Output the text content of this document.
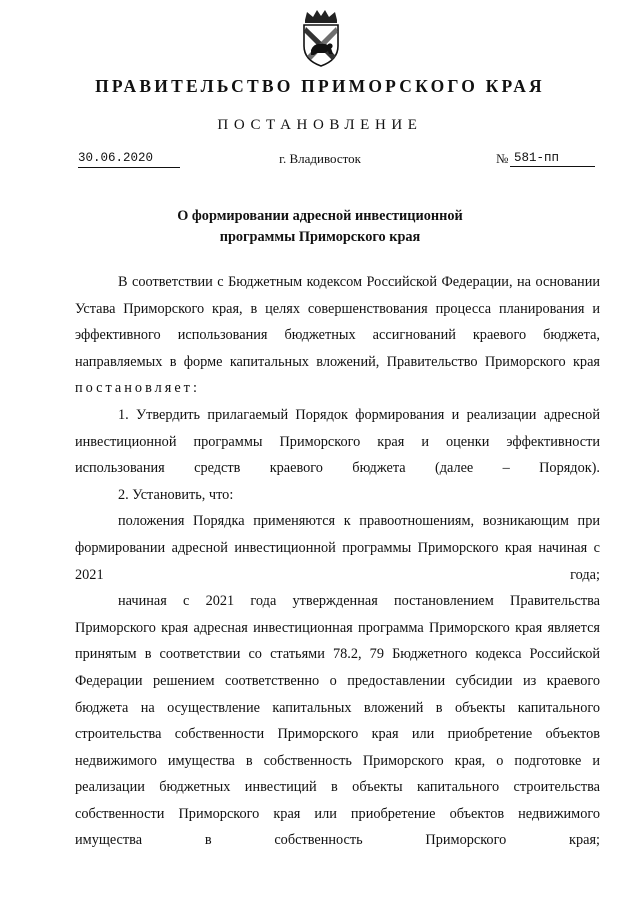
ПРАВИТЕЛЬСТВО ПРИМОРСКОГО КРАЯ
ПОСТАНОВЛЕНИЕ
30.06.2020	г. Владивосток	№ 581-пп
О формировании адресной инвестиционной
программы Приморского края

В соответствии с Бюджетным кодексом Российской Федерации, на основании Устава Приморского края, в целях совершенствования процесса планирования и эффективного использования бюджетных ассигнований краевого бюджета, направляемых в форме капитальных вложений, Правительство Приморского края постановляет:

1. Утвердить прилагаемый Порядок формирования и реализации адресной инвестиционной программы Приморского края и оценки эффективности использования средств краевого бюджета (далее – Порядок).

2. Установить, что:

положения Порядка применяются к правоотношениям, возникающим при формировании адресной инвестиционной программы Приморского края начиная с 2021 года;

начиная с 2021 года утвержденная постановлением Правительства Приморского края адресная инвестиционная программа Приморского края является принятым в соответствии со статьями 78.2, 79 Бюджетного кодекса Российской Федерации решением соответственно о предоставлении субсидии из краевого бюджета на осуществление капитальных вложений в объекты капитального строительства собственности Приморского края или приобретение объектов недвижимого имущества в собственность Приморского края, о подготовке и реализации бюджетных инвестиций в объекты капитального строительства собственности Приморского края или приобретение объектов недвижимого имущества в собственность Приморского края;
